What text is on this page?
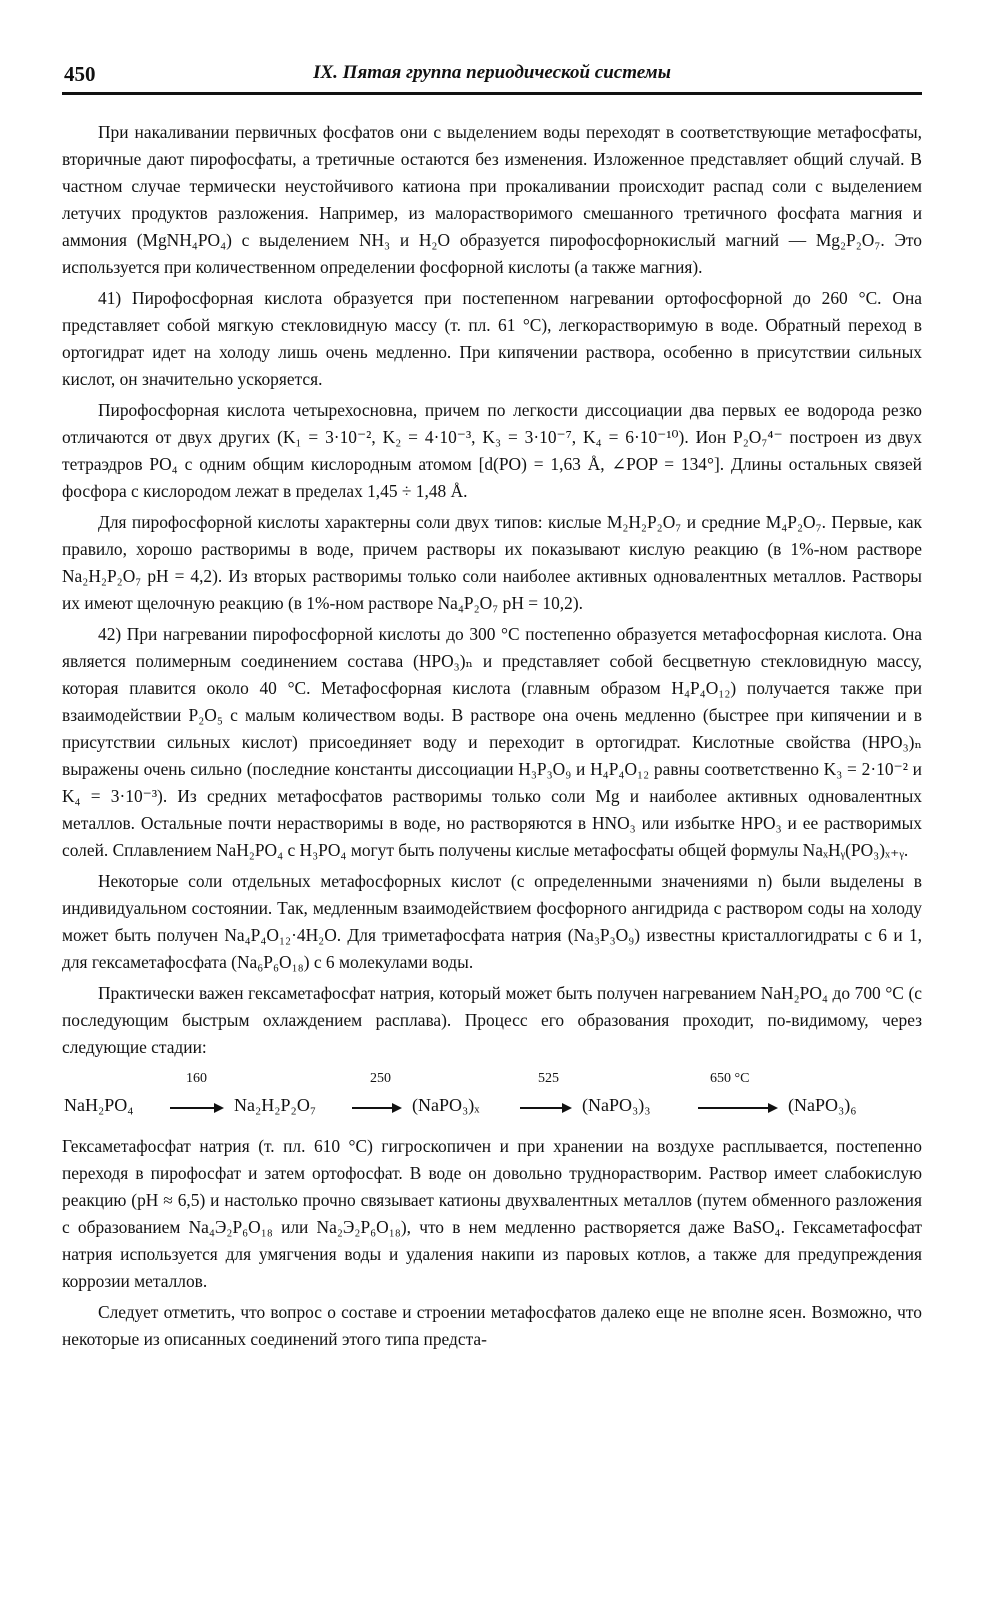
450	IX. Пятая группа периодической системы

При накаливании первичных фосфатов они с выделением воды переходят в соответствующие метафосфаты, вторичные дают пирофосфаты, а третичные остаются без изменения. Изложенное представляет общий случай. В частном случае термически неустойчивого катиона при прокаливании происходит распад соли с выделением летучих продуктов разложения. Например, из малорастворимого смешанного третичного фосфата магния и аммония (MgNH₄PO₄) с выделением NH₃ и H₂O образуется пирофосфорнокислый магний — Mg₂P₂O₇. Это используется при количественном определении фосфорной кислоты (а также магния).

41) Пирофосфорная кислота образуется при постепенном нагревании ортофосфорной до 260 °С. Она представляет собой мягкую стекловидную массу (т. пл. 61 °С), легкорастворимую в воде. Обратный переход в ортогидрат идет на холоду лишь очень медленно. При кипячении раствора, особенно в присутствии сильных кислот, он значительно ускоряется.

Пирофосфорная кислота четырехосновна, причем по легкости диссоциации два первых ее водорода резко отличаются от двух других (K₁ = 3·10⁻², K₂ = 4·10⁻³, K₃ = 3·10⁻⁷, K₄ = 6·10⁻¹⁰). Ион P₂O₇⁴⁻ построен из двух тетраэдров PO₄ с одним общим кислородным атомом [d(PO) = 1,63 Å, ∠POP = 134°]. Длины остальных связей фосфора с кислородом лежат в пределах 1,45 ÷ 1,48 Å.

Для пирофосфорной кислоты характерны соли двух типов: кислые M₂H₂P₂O₇ и средние M₄P₂O₇. Первые, как правило, хорошо растворимы в воде, причем растворы их показывают кислую реакцию (в 1%-ном растворе Na₂H₂P₂O₇ pH = 4,2). Из вторых растворимы только соли наиболее активных одновалентных металлов. Растворы их имеют щелочную реакцию (в 1%-ном растворе Na₄P₂O₇ pH = 10,2).

42) При нагревании пирофосфорной кислоты до 300 °С постепенно образуется метафосфорная кислота. Она является полимерным соединением состава (HPO₃)ₙ и представляет собой бесцветную стекловидную массу, которая плавится около 40 °С. Метафосфорная кислота (главным образом H₄P₄O₁₂) получается также при взаимодействии P₂O₅ с малым количеством воды. В растворе она очень медленно (быстрее при кипячении и в присутствии сильных кислот) присоединяет воду и переходит в ортогидрат. Кислотные свойства (HPO₃)ₙ выражены очень сильно (последние константы диссоциации H₃P₃O₉ и H₄P₄O₁₂ равны соответственно K₃ = 2·10⁻² и K₄ = 3·10⁻³). Из средних метафосфатов растворимы только соли Mg и наиболее активных одновалентных металлов. Остальные почти нерастворимы в воде, но растворяются в HNO₃ или избытке HPO₃ и ее растворимых солей. Сплавлением NaH₂PO₄ с H₃PO₄ могут быть получены кислые метафосфаты общей формулы NaₓHᵧ(PO₃)ₓ₊ᵧ.

Некоторые соли отдельных метафосфорных кислот (с определенными значениями n) были выделены в индивидуальном состоянии. Так, медленным взаимодействием фосфорного ангидрида с раствором соды на холоду может быть получен Na₄P₄O₁₂·4H₂O. Для триметафосфата натрия (Na₃P₃O₉) известны кристаллогидраты с 6 и 1, для гексаметафосфата (Na₆P₆O₁₈) с 6 молекулами воды.

Практически важен гексаметафосфат натрия, который может быть получен нагреванием NaH₂PO₄ до 700 °С (с последующим быстрым охлаждением расплава). Процесс его образования проходит, по-видимому, через следующие стадии:

NaH₂PO₄
160
Na₂H₂P₂O₇
250
(NaPO₃)ₓ
525
(NaPO₃)₃
650 °С
(NaPO₃)₆

Гексаметафосфат натрия (т. пл. 610 °С) гигроскопичен и при хранении на воздухе расплывается, постепенно переходя в пирофосфат и затем ортофосфат. В воде он довольно труднорастворим. Раствор имеет слабокислую реакцию (pH ≈ 6,5) и настолько прочно связывает катионы двухвалентных металлов (путем обменного разложения с образованием Na₄Э₂P₆O₁₈ или Na₂Э₂P₆O₁₈), что в нем медленно растворяется даже BaSO₄. Гексаметафосфат натрия используется для умягчения воды и удаления накипи из паровых котлов, а также для предупреждения коррозии металлов.

Следует отметить, что вопрос о составе и строении метафосфатов далеко еще не вполне ясен. Возможно, что некоторые из описанных соединений этого типа предста-
